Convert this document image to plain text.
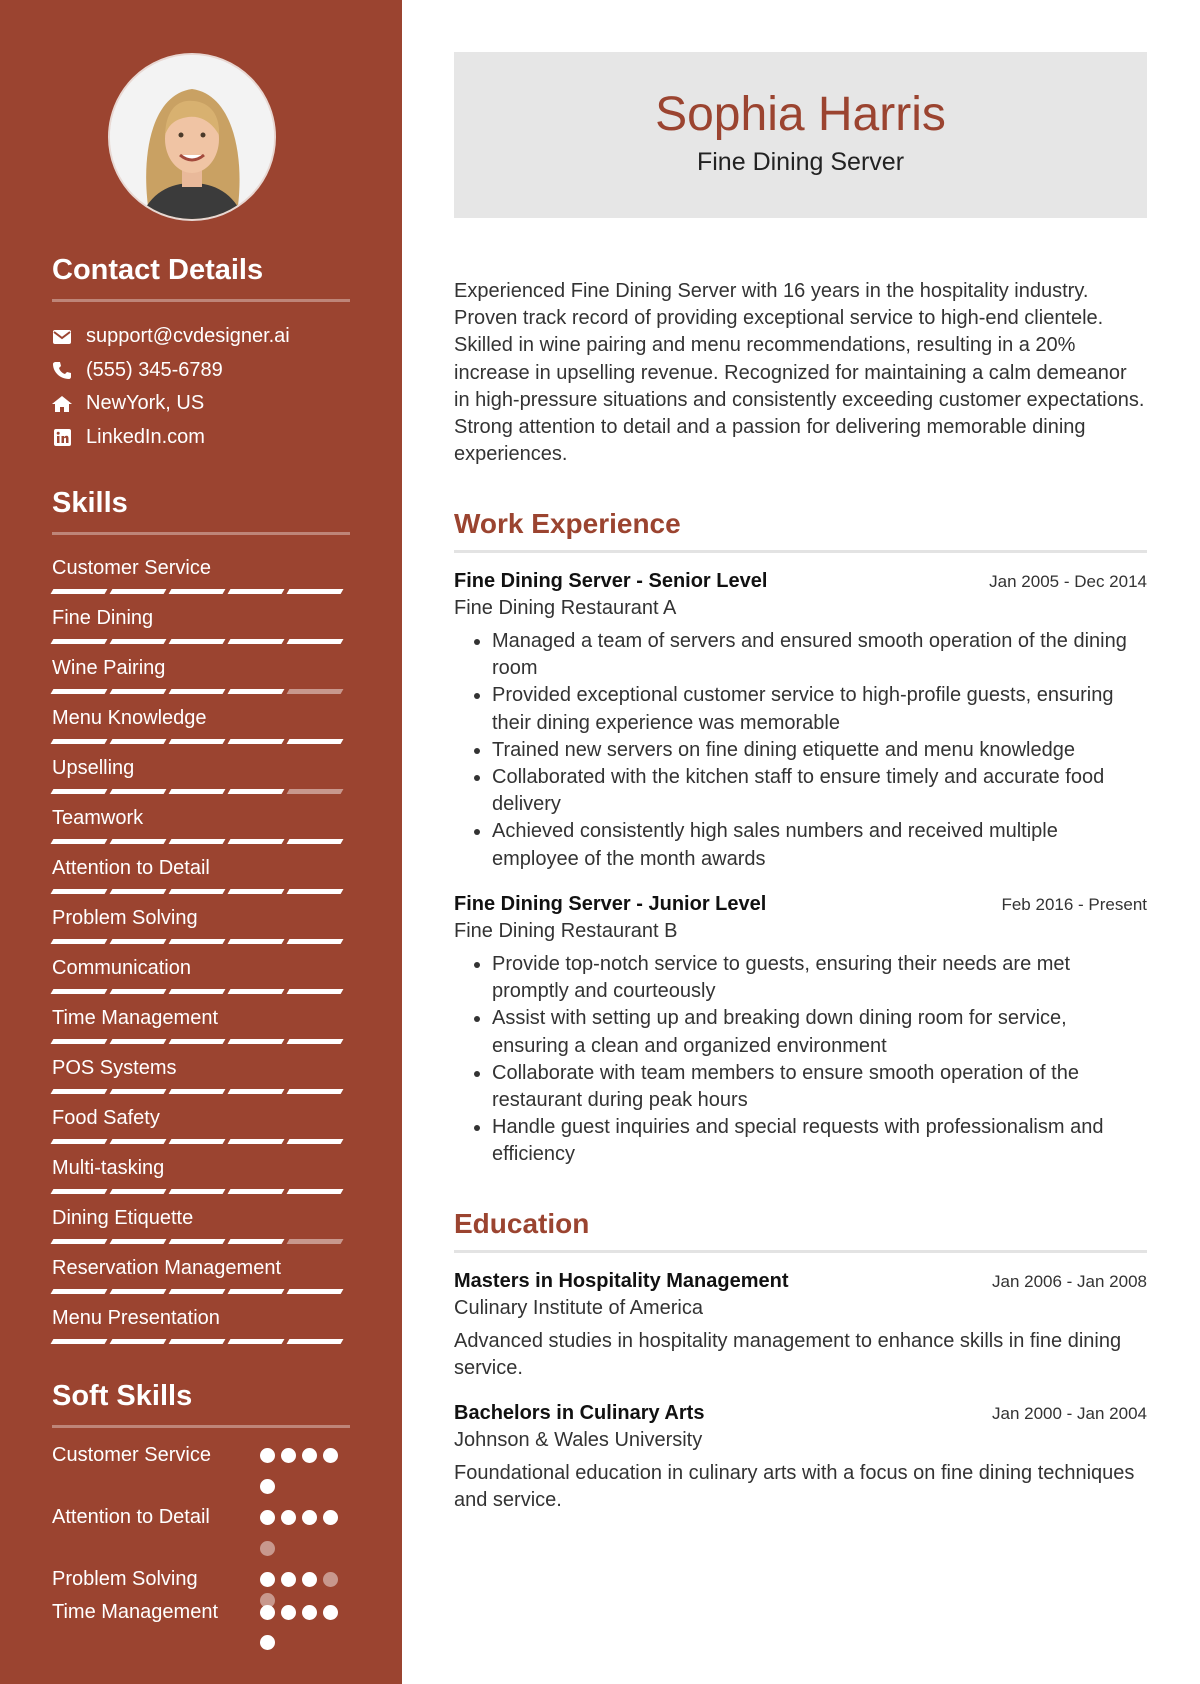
Contact Details
support@cvdesigner.ai
(555) 345-6789
NewYork, US
LinkedIn.com
Skills
Customer Service
Fine Dining
Wine Pairing
Menu Knowledge
Upselling
Teamwork
Attention to Detail
Problem Solving
Communication
Time Management
POS Systems
Food Safety
Multi-tasking
Dining Etiquette
Reservation Management
Menu Presentation
Soft Skills
Customer Service
Attention to Detail
Problem Solving
Time Management
Sophia Harris
Fine Dining Server

Experienced Fine Dining Server with 16 years in the hospitality industry. Proven track record of providing exceptional service to high-end clientele. Skilled in wine pairing and menu recommendations, resulting in a 20% increase in upselling revenue. Recognized for maintaining a calm demeanor in high-pressure situations and consistently exceeding customer expectations. Strong attention to detail and a passion for delivering memorable dining experiences.

Work Experience
Fine Dining Server - Senior Level	Jan 2005 - Dec 2014
Fine Dining Restaurant A
• Managed a team of servers and ensured smooth operation of the dining room
• Provided exceptional customer service to high-profile guests, ensuring their dining experience was memorable
• Trained new servers on fine dining etiquette and menu knowledge
• Collaborated with the kitchen staff to ensure timely and accurate food delivery
• Achieved consistently high sales numbers and received multiple employee of the month awards
Fine Dining Server - Junior Level	Feb 2016 - Present
Fine Dining Restaurant B
• Provide top-notch service to guests, ensuring their needs are met promptly and courteously
• Assist with setting up and breaking down dining room for service, ensuring a clean and organized environment
• Collaborate with team members to ensure smooth operation of the restaurant during peak hours
• Handle guest inquiries and special requests with professionalism and efficiency
Education
Masters in Hospitality Management	Jan 2006 - Jan 2008
Culinary Institute of America
Advanced studies in hospitality management to enhance skills in fine dining service.
Bachelors in Culinary Arts	Jan 2000 - Jan 2004
Johnson & Wales University
Foundational education in culinary arts with a focus on fine dining techniques and service.
